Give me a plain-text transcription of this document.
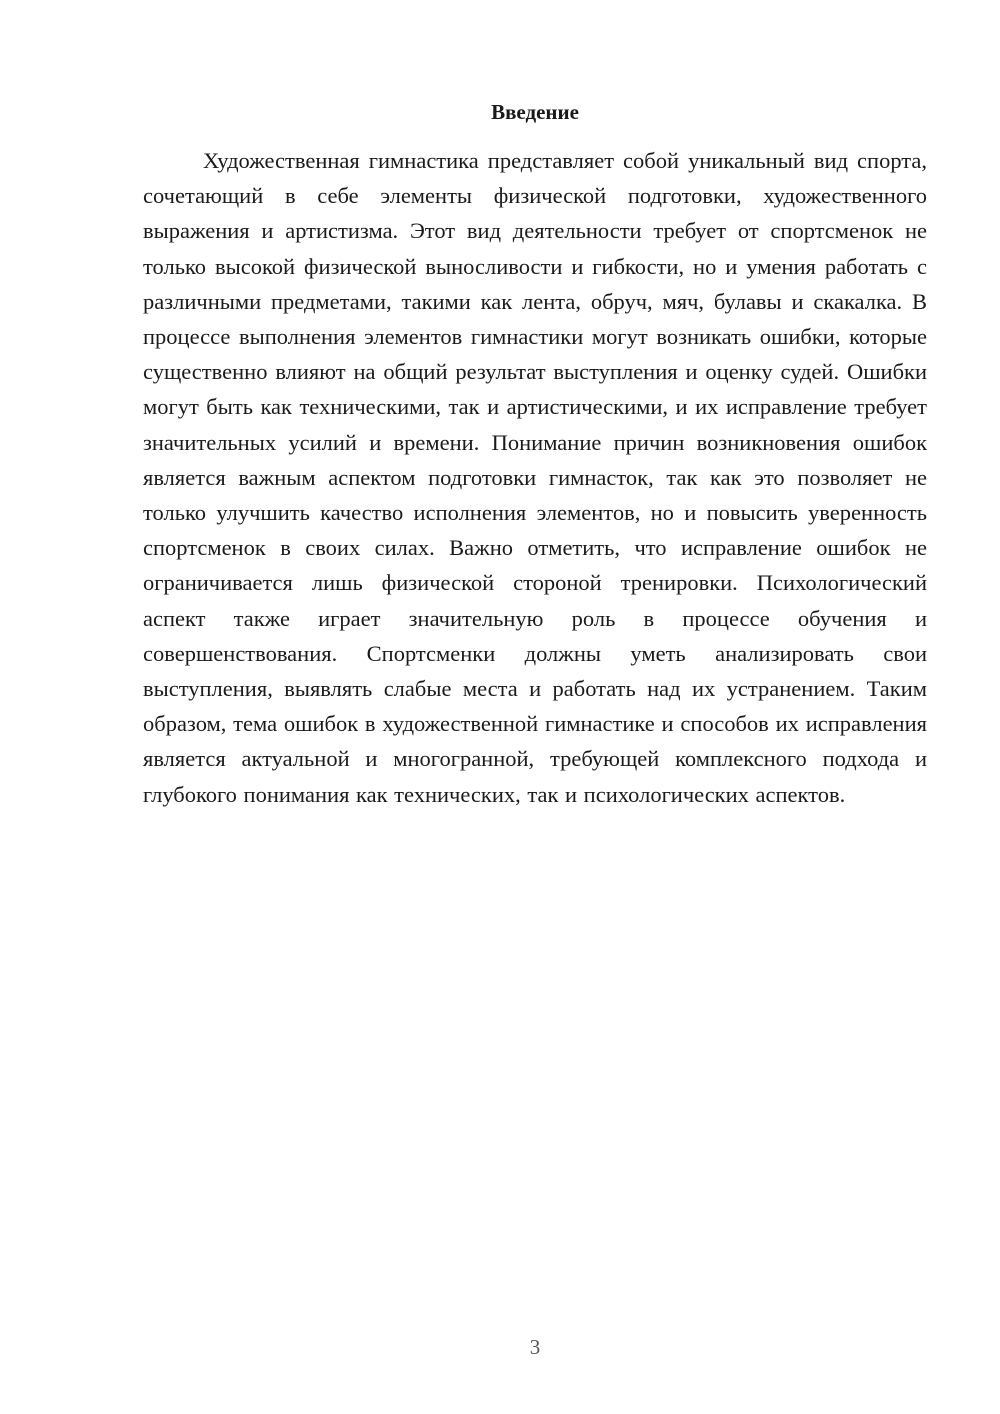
Введение

Художественная гимнастика представляет собой уникальный вид спорта, сочетающий в себе элементы физической подготовки, художественного выражения и артистизма. Этот вид деятельности требует от спортсменок не только высокой физической выносливости и гибкости, но и умения работать с различными предметами, такими как лента, обруч, мяч, булавы и скакалка. В процессе выполнения элементов гимнастики могут возникать ошибки, которые существенно влияют на общий результат выступления и оценку судей. Ошибки могут быть как техническими, так и артистическими, и их исправление требует значительных усилий и времени. Понимание причин возникновения ошибок является важным аспектом подготовки гимнасток, так как это позволяет не только улучшить качество исполнения элементов, но и повысить уверенность спортсменок в своих силах. Важно отметить, что исправление ошибок не ограничивается лишь физической стороной тренировки. Психологический аспект также играет значительную роль в процессе обучения и совершенствования. Спортсменки должны уметь анализировать свои выступления, выявлять слабые места и работать над их устранением. Таким образом, тема ошибок в художественной гимнастике и способов их исправления является актуальной и многогранной, требующей комплексного подхода и глубокого понимания как технических, так и психологических аспектов.

3
